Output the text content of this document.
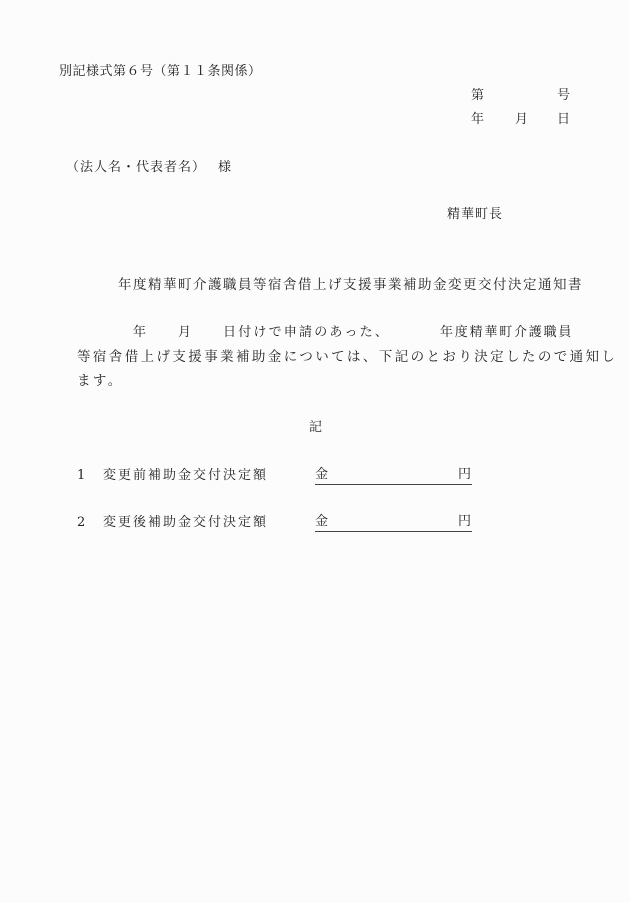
別記様式第６号（第１１条関係）
第	号
年 月 日
（法人名・代表者名） 様
精華町長
年度精華町介護職員等宿舎借上げ支援事業補助金変更交付決定通知書
年 月 日付けで申請のあった、	年度精華町介護職員
等宿舎借上げ支援事業補助金については、下記のとおり決定したので通知し
ます。
記
1 変更前補助金交付決定額	金	円
2 変更後補助金交付決定額	金	円
